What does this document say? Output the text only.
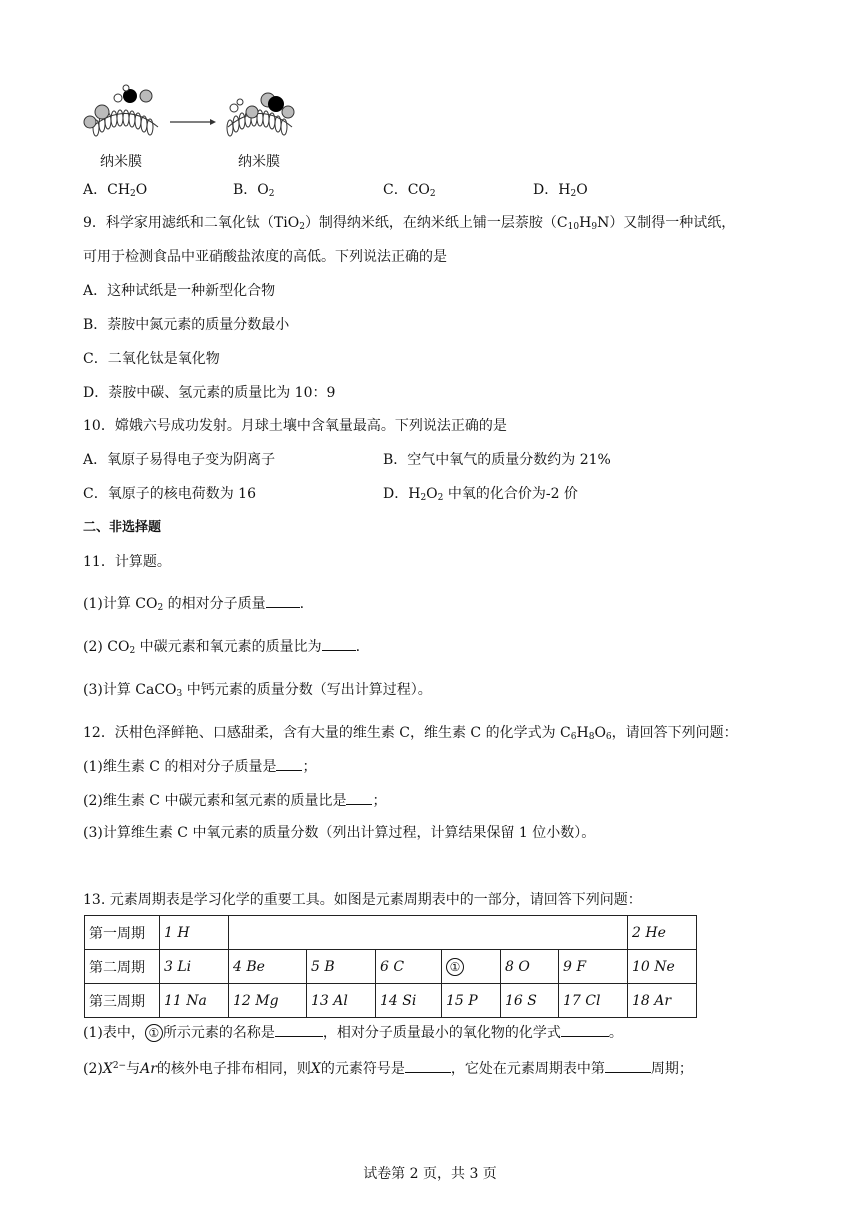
纳米膜	纳米膜
A．$CH_2O$	B．$O_2$	C．$CO_2$	D．$H_2O$
9．科学家用滤纸和二氧化钛（TiO$_2$）制得纳米纸，在纳米纸上铺一层萘胺$(C_{10}H_9N)$又制得一种试纸，
可用于检测食品中亚硝酸盐浓度的高低。下列说法正确的是
A．这种试纸是一种新型化合物
B．萘胺中氮元素的质量分数最小
C．二氧化钛是氧化物
D．萘胺中碳、氢元素的质量比为 10：9
10．嫦娥六号成功发射。月球土壤中含氧量最高。下列说法正确的是
A．氧原子易得电子变为阴离子	B．空气中氧气的质量分数约为 21%
C．氧原子的核电荷数为 16	D．$H_2O_2$ 中氧的化合价为-2 价
二、非选择题
11．计算题。
(1)计算 $CO_2$ 的相对分子质量 .
(2) $CO_2$ 中碳元素和氧元素的质量比为 .
(3)计算 CaCO$_3$ 中钙元素的质量分数（写出计算过程）。
12．沃柑色泽鲜艳、口感甜柔，含有大量的维生素 C，维生素 C 的化学式为 $C_6H_8O_6$，请回答下列问题：
(1)维生素 C 的相对分子质量是 ；
(2)维生素 C 中碳元素和氢元素的质量比是 ；
(3)计算维生素 C 中氧元素的质量分数（列出计算过程，计算结果保留 1 位小数）。
13. 元素周期表是学习化学的重要工具。如图是元素周期表中的一部分，请回答下列问题：
第一周期	1 H							2 He
第二周期	3 Li	4 Be	5 B	6 C	①	8 O	9 F	10 Ne
第三周期	11 Na	12 Mg	13 Al	14 Si	15 P	16 S	17 Cl	18 Ar
(1)表中， ① 所示元素的名称是	，相对分子质量最小的氧化物的化学式	。
$(2)X^{2-}$与Ar的核外电子排布相同，则X的元素符号是	，它处在元素周期表中第	周期；
试卷第 2 页，共 3 页
